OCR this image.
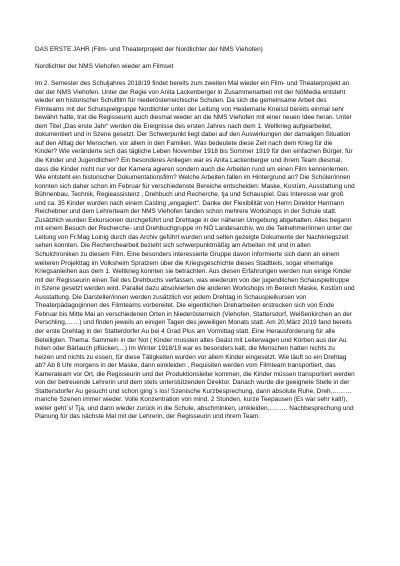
DAS ERSTE JAHR (Film- und Theaterprojekt der Nordlichter der NMS Viehofen)

Nordlichter der NMS Viehofen wieder am Filmset

Im 2. Semester des Schuljahres 2018/19 findet bereits zum zweiten Mal wieder ein Film- und Theaterprojekt an der der NMS Viehofen. Unter der Regie von Anita Lackenberger in Zusammenarbeit mit der NöMedia entsteht wieder ein historischer Schulfilm für niederösterreichische Schulen. Da sich die gemeinsame Arbeit des Filmteams mit der Schulspielgruppe Nordlichter unter der Leitung von Heidemarie Kneissl bereits einmal sehr bewährt hatte, trat die Regisseurin auch diesmal wieder an die NMS Viehofen mit einer neuen Idee heran. Unter dem Titel „Das erste Jahr“ werden die Ereignisse des ersten Jahres nach dem 1. Weltkrieg aufgearbeitet, dokumentiert und in Szene gesetzt. Der Schwerpunkt liegt dabei auf den Auswirkungen der damaligen Situation auf den Alltag der Menschen, vor allem in den Familien. Was bedeutete diese Zeit nach dem Krieg für die Kinder? Wie veränderte sich das tägliche Leben November 1918 bis Sommer 1919 für den einfachen Bürger, für die Kinder und Jugendlichen? Ein besonderes Anliegen war es Anita Lackenberger und ihrem Team diesmal, dass die Kinder nicht nur vor der Kamera agieren sondern auch die Arbeiten rund um einen Film kennenlernen. Wie entsteht ein historischer Dokumentationsfilm? Welche Arbeiten fallen im Hintergrund an? Die Schüler/innen konnten sich daher schon im Februar für verschiedenste Bereiche entscheiden: Maske, Kostüm, Ausstattung und Bühnenbau, Technik, Regieassistenz , Drehbuch und Recherche, tja und Schauspiel. Das Interesse war groß und ca. 35 Kinder wurden nach einem Casting „engagiert“. Danke der Flexibilität von Herrn Direktor Hermann Reichebner und dem Lehrerteam der NMS Viehofen fanden schon mehrere Workshops in der Schule statt. Zusätzlich wurden Exkursionen durchgeführt und Drehtage in der näheren Umgebung abgehalten. Alles begann mit einem Besuch der Recherche- und Drehbuchgruppe im NÖ Landesarchiv, wo die Teilnehmer/innen unter der Leitung von Fr.Mag Loinig durch das Archiv geführt wurden und selten gezeigte Dokumente der Nachkriegszeit sehen konnten. Die Recherchearbeit bezieht sich schwerpunktmäßig am Arbeiten mit und in alten Schulchroniken zu diesem Film. Eine besonders interessierte Gruppe davon informierte sich dann an einem weiteren Projekttag im Volksheim Spratzern über die Kriegsgeschichte dieses Stadtteils, sogar ehemalige Kriegsanleihen aus dem 1. Weltkrieg konnten sie betrachten. Aus diesen Erfahrungen werden nun einige Kinder mit der Regisseurin einen Teil des Drehbuchs verfassen, was wiederum von der jugendlichen Schauspieltruppe in Szene gesetzt werden wird. Parallel dazu absolvierten die anderen Workshops im Bereich Maske, Kostüm und Ausstattung. Die Darsteller/innen werden zusätzlich vor jedem Drehtag in Schauspielkursen von Theaterpädagoginnen des Filmteams vorbereitet. Die eigentlichen Dreharbeiten erstrecken sich von Ende Februar bis Mitte Mai an verschiedenen Orten in Niederösterreich (Viehofen, Stattersdorf, Weißenkirchen an der Perschling,……) und finden jeweils an einigen Tagen des jeweiligen Monats statt. Am 20.März 2019 fand bereits der erste Drehtag in der Statterdorfer Au bei 4 Grad Plus am Vormittag statt. Eine Herausforderung für alle Beteiligten. Thema: Sammeln in der Not ( Kinder mussten altes Geäst mit Leiterwagen und Körben aus der Au holen oder Bärlauch pflücken,...) Im Winter 1918/19 war es besonders kalt, die Menschen hatten nichts zu heizen und nichts zu essen, für diese Tätigkeiten wurden vor allem Kinder eingesetzt. Wie läuft so ein Drehtag ab? Ab 8 Uhr morgens in der Maske, dann einkleiden , Requisiten werden vom Filmteam transportiert, das Kamerateam vor Ort, die Regisseurin und der Produktionsleiter kommen, die Kinder müssen transportiert werden von der betreuende Lehrerin und dem stets unterstützenden Direktor. Danach wurde die geeignete Stelle in der Stattersdorfer Au gesucht und schon ging´s los! Szenische Kurzbesprechung, dann absolute Ruhe, Dreh,………manche Szenen immer wieder. Volle Konzentration von mind. 2 Stunden, kurze Teepausen (Es war sehr kalt!), weiter geht´s! Tja, und dann wieder zurück in die Schule, abschminken, umkleiden,..……. Nachbesprechung und Planung für das nächste Mal mit der Lehrerin, der Regisseurin und ihrem Team.
